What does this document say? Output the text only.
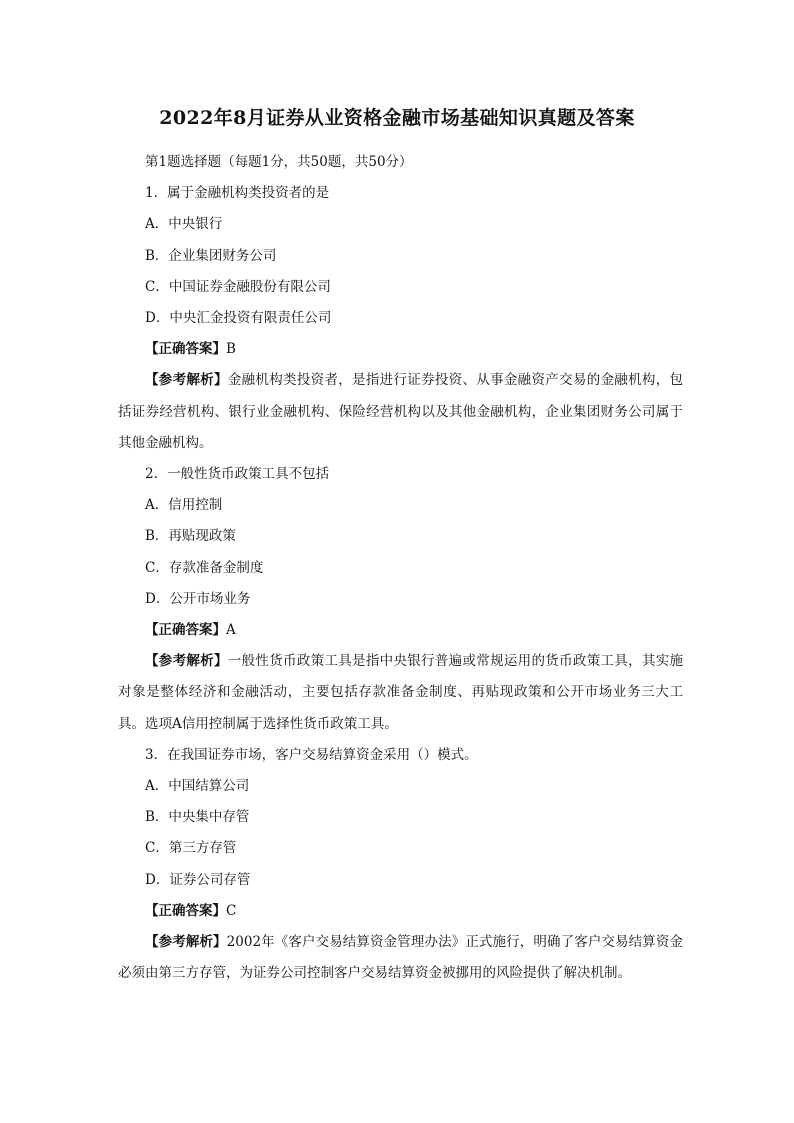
2022年8月证券从业资格金融市场基础知识真题及答案

第1题选择题（每题1分，共50题，共50分）

1．属于金融机构类投资者的是

A．中央银行

B．企业集团财务公司

C．中国证券金融股份有限公司

D．中央汇金投资有限责任公司

【正确答案】B

【参考解析】金融机构类投资者，是指进行证券投资、从事金融资产交易的金融机构，包括证券经营机构、银行业金融机构、保险经营机构以及其他金融机构，企业集团财务公司属于其他金融机构。

2．一般性货币政策工具不包括

A．信用控制

B．再贴现政策

C．存款准备金制度

D．公开市场业务

【正确答案】A

【参考解析】一般性货币政策工具是指中央银行普遍或常规运用的货币政策工具，其实施对象是整体经济和金融活动，主要包括存款准备金制度、再贴现政策和公开市场业务三大工具。选项A信用控制属于选择性货币政策工具。

3．在我国证券市场，客户交易结算资金采用（）模式。

A．中国结算公司

B．中央集中存管

C．第三方存管

D．证券公司存管

【正确答案】C

【参考解析】2002年《客户交易结算资金管理办法》正式施行，明确了客户交易结算资金必须由第三方存管，为证券公司控制客户交易结算资金被挪用的风险提供了解决机制。
